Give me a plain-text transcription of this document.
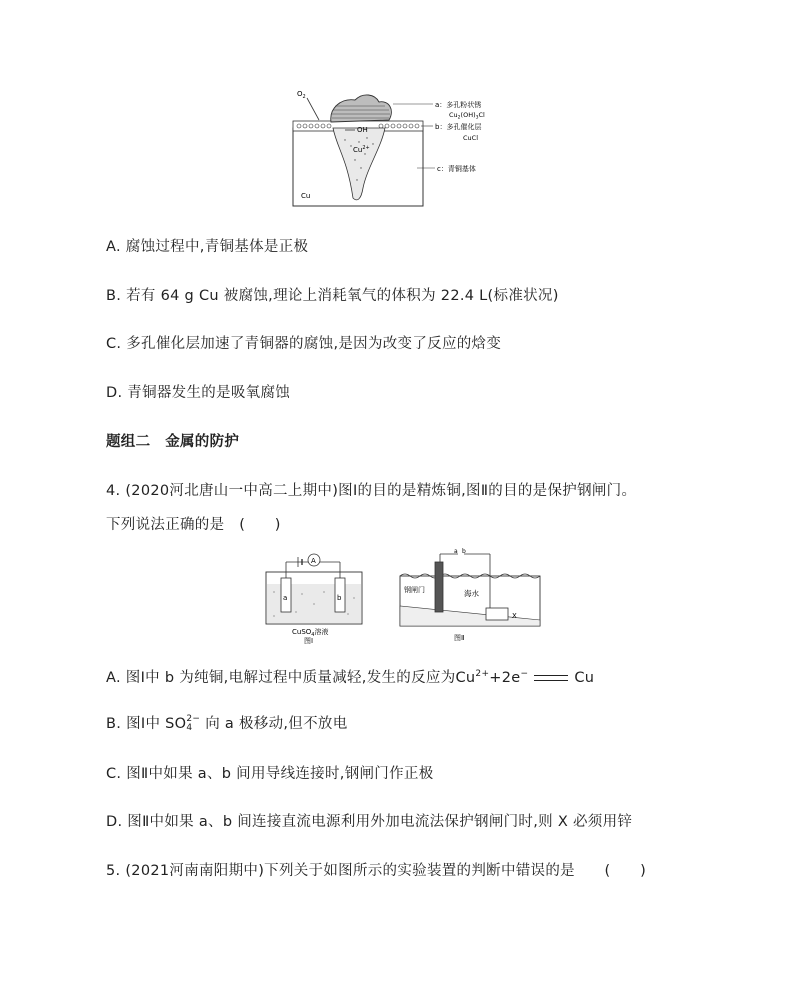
$O_2$
OH
$Cu^{2+}$
Cu
a：多孔粉状锈
$Cu_2(OH)_3Cl$
b：多孔催化层
CuCl
c：青铜基体
A. 腐蚀过程中,青铜基体是正极
B. 若有 64 g Cu 被腐蚀,理论上消耗氧气的体积为 22.4 L(标准状况)
C. 多孔催化层加速了青铜器的腐蚀,是因为改变了反应的焓变
D. 青铜器发生的是吸氧腐蚀
题组二　金属的防护
4. (2020河北唐山一中高二上期中)图Ⅰ的目的是精炼铜,图Ⅱ的目的是保护钢闸门。
下列说法正确的是　(　　)
A
a	b
CuSO$_4$溶液
图Ⅰ
a b
钢闸门	海水
X
图Ⅱ
A. 图Ⅰ中 b 为纯铜,电解过程中质量减轻,发生的反应为$Cu^{2+}+2e^-$	Cu
B. 图Ⅰ中 SO 2−
4 向 a 极移动,但不放电
C. 图Ⅱ中如果 a、b 间用导线连接时,钢闸门作正极
D. 图Ⅱ中如果 a、b 间连接直流电源利用外加电流法保护钢闸门时,则 X 必须用锌
5. (2021河南南阳期中)下列关于如图所示的实验装置的判断中错误的是　　(　　)
